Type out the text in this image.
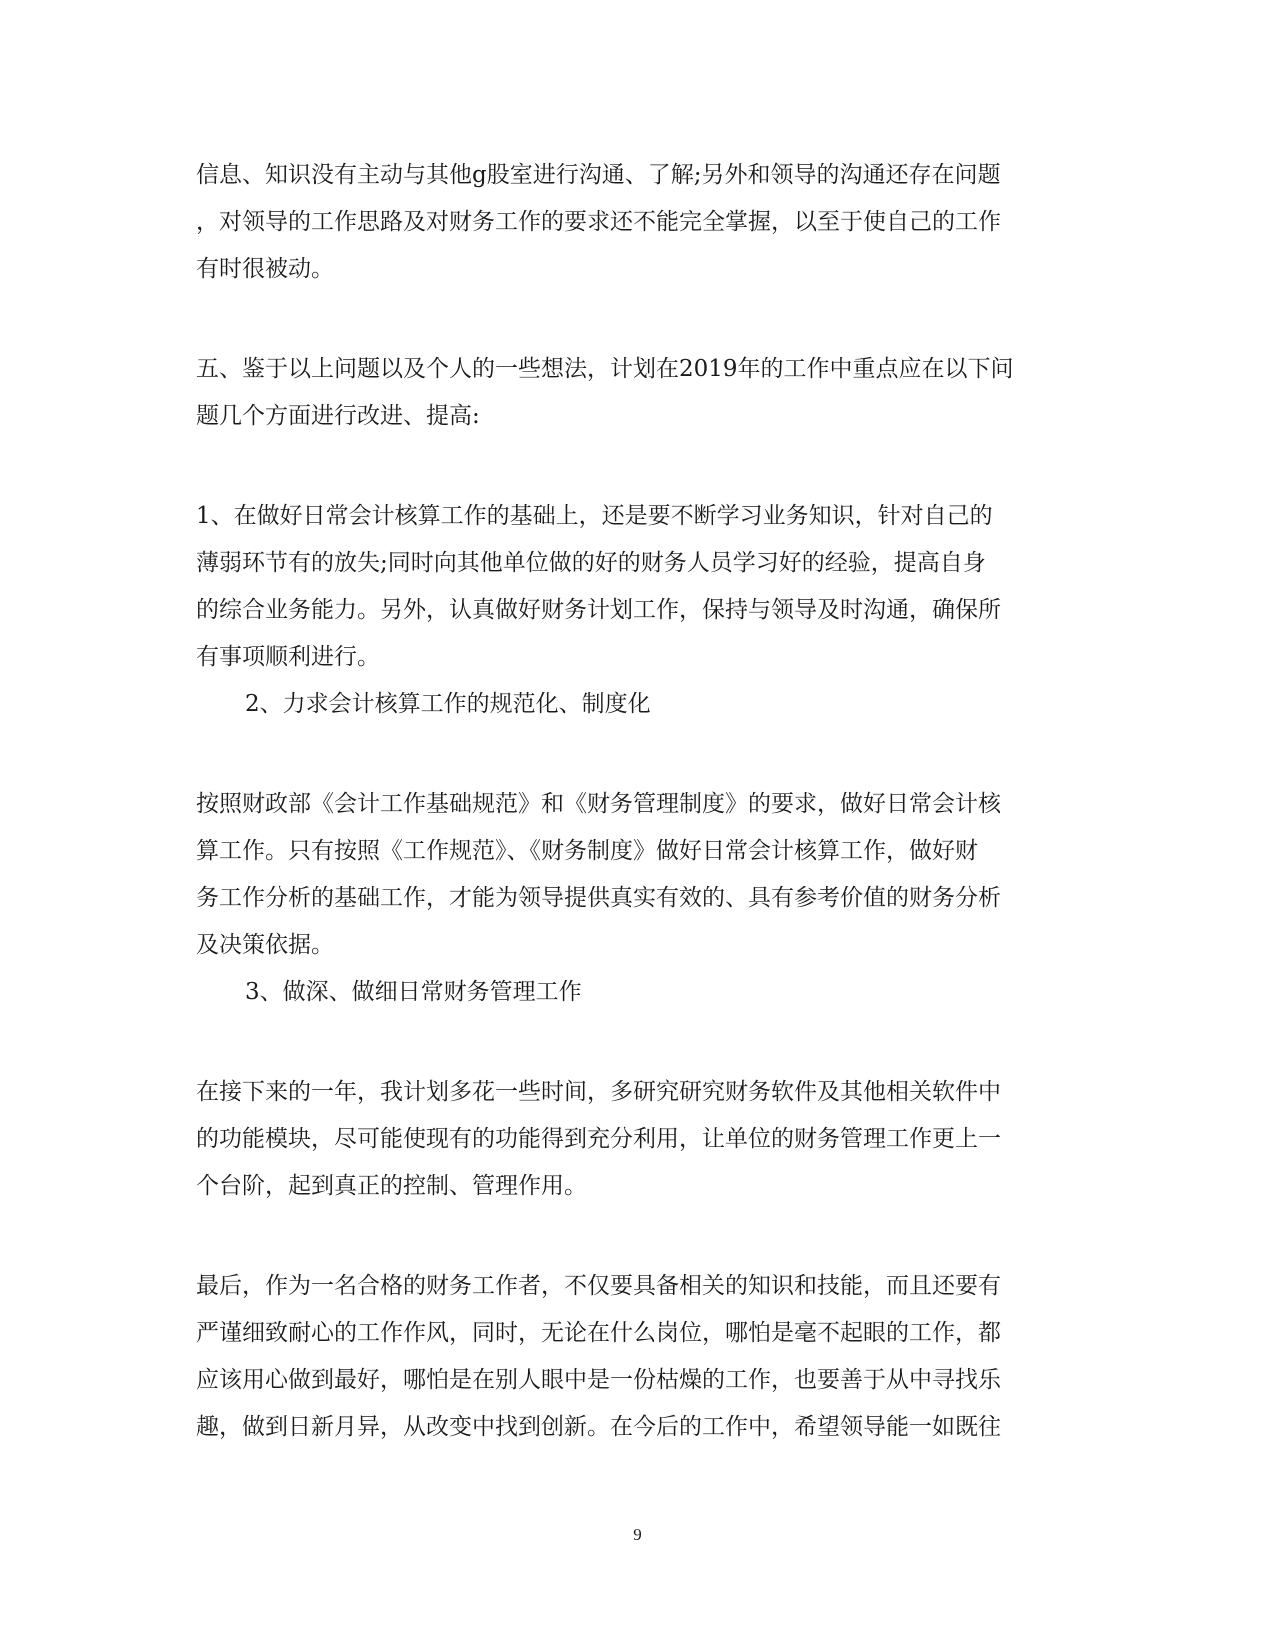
信息、知识没有主动与其他g股室进行沟通、了解;另外和领导的沟通还存在问题
，对领导的工作思路及对财务工作的要求还不能完全掌握，以至于使自己的工作
有时很被动。
五、鉴于以上问题以及个人的一些想法，计划在2019年的工作中重点应在以下问
题几个方面进行改进、提高:
1、在做好日常会计核算工作的基础上，还是要不断学习业务知识，针对自己的
薄弱环节有的放失;同时向其他单位做的好的财务人员学习好的经验，提高自身
的综合业务能力。另外，认真做好财务计划工作，保持与领导及时沟通，确保所
有事项顺利进行。
2、力求会计核算工作的规范化、制度化
按照财政部《会计工作基础规范》和《财务管理制度》的要求，做好日常会计核
算工作。只有按照《工作规范》、《财务制度》做好日常会计核算工作，做好财
务工作分析的基础工作，才能为领导提供真实有效的、具有参考价值的财务分析
及决策依据。
3、做深、做细日常财务管理工作
在接下来的一年，我计划多花一些时间，多研究研究财务软件及其他相关软件中
的功能模块，尽可能使现有的功能得到充分利用，让单位的财务管理工作更上一
个台阶，起到真正的控制、管理作用。
最后，作为一名合格的财务工作者，不仅要具备相关的知识和技能，而且还要有
严谨细致耐心的工作作风，同时，无论在什么岗位，哪怕是毫不起眼的工作，都
应该用心做到最好，哪怕是在别人眼中是一份枯燥的工作，也要善于从中寻找乐
趣，做到日新月异，从改变中找到创新。在今后的工作中，希望领导能一如既往
9
